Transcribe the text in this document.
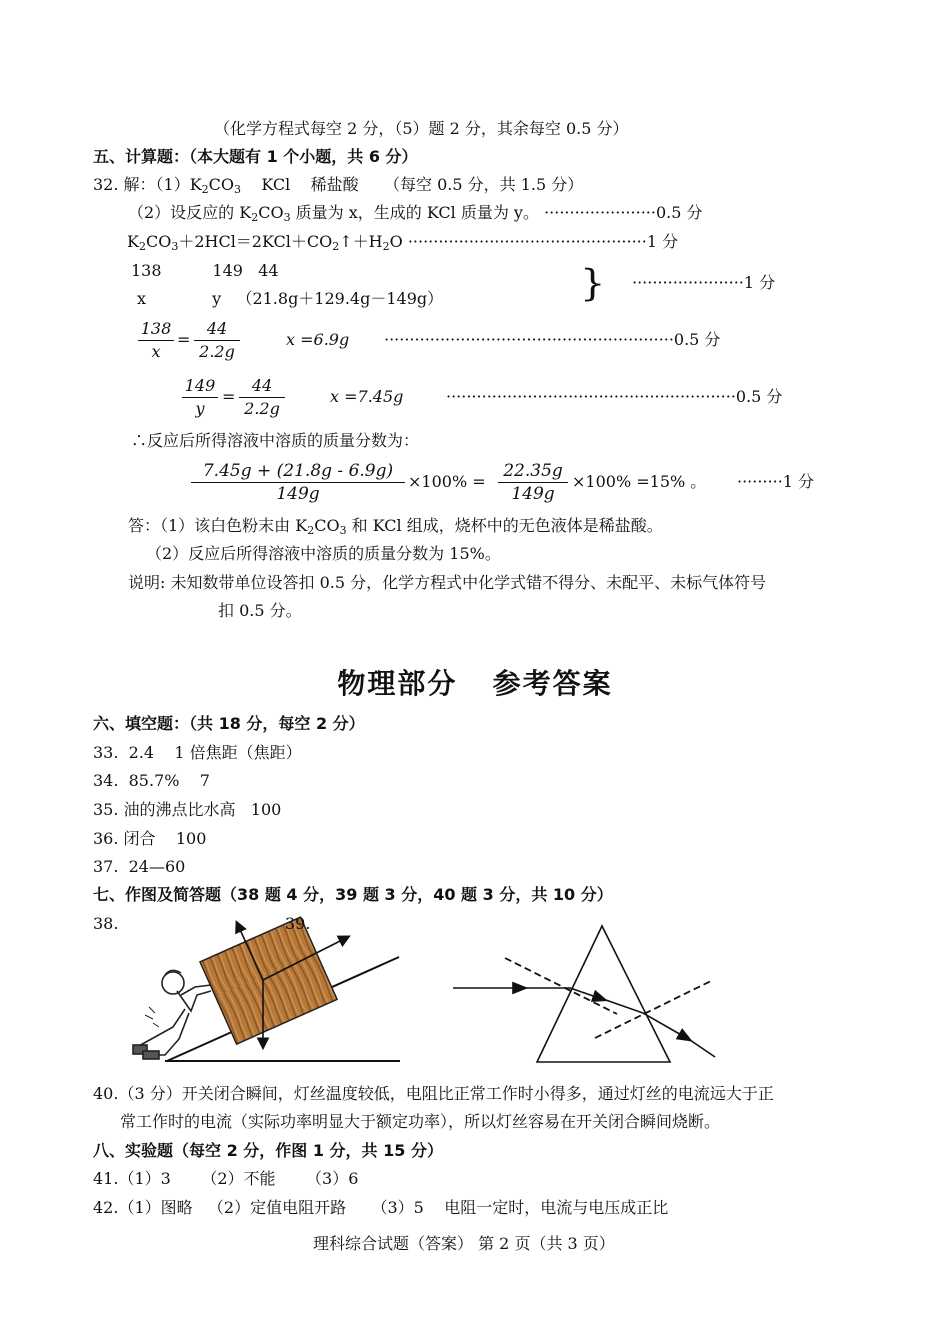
（化学方程式每空 2 分，（5）题 2 分，其余每空 0.5 分）
五、计算题：（本大题有 1 个小题，共 6 分）
32. 解：$(1)K_2CO_3$    KCl    稀盐酸     （每空 0.5 分，共 1.5 分）
（2）设反应的 $K_2CO_3$ 质量为 x，生成的 KCl 质量为 y。 ······················0.5 分
$K_2CO_3+2HCl=2KCl+CO_2↑+H_2O \cdot\cdot\cdot\cdot\cdot\cdot\cdot\cdot\cdot\cdot\cdot\cdot\cdot\cdot\cdot\cdot\cdot\cdot\cdot\cdot\cdot\cdot\cdot\cdot\cdot\cdot\cdot\cdot\cdot\cdot\cdot\cdot\cdot\cdot\cdot\cdot\cdot\cdot\cdot\cdot\cdot\cdot\cdot\cdot\cdot\cdot\cdot 1$ 分
138          149   44
x             y   （21.8g＋129.4g－149g）	} ······················1 分
$\frac{138}{x} = \frac{44}{2.2g}$	x =6.9g ·························································0.5 分
$\frac{149}{y} = \frac{44}{2.2g}$	x =7.45g	·························································0.5 分
∴反应后所得溶液中溶质的质量分数为：
$\frac{7.45g + (21.8g - 6.9g)}{149g} \times 100\% = \frac{22.35g}{149g} \times 100\% =15\%$ 。 ·········1 分
答：（1）该白色粉末由 $K_2CO_3$ 和 KCl 组成，烧杯中的无色液体是稀盐酸。
（2）反应后所得溶液中溶质的质量分数为 15%。
说明: 未知数带单位设答扣 0.5 分，化学方程式中化学式错不得分、未配平、未标气体符号
扣 0.5 分。
物理部分   参考答案
六、填空题：（共 18 分，每空 2 分）
33.  2.4    1 倍焦距（焦距）
34.  85.7%    7
35. 油的沸点比水高   100
36. 闭合    100
37.  24—60
七、作图及简答题（38 题 4 分，39 题 3 分，40 题 3 分，共 10 分）
38.	39.
40.（3 分）开关闭合瞬间，灯丝温度较低，电阻比正常工作时小得多，通过灯丝的电流远大于正
常工作时的电流（实际功率明显大于额定功率），所以灯丝容易在开关闭合瞬间烧断。
八、实验题（每空 2 分，作图 1 分，共 15 分）
41.（1）3      （2）不能      （3）6
42.（1）图略   （2）定值电阻开路     （3）5    电阻一定时，电流与电压成正比
理科综合试题（答案） 第 2 页（共 3 页）
